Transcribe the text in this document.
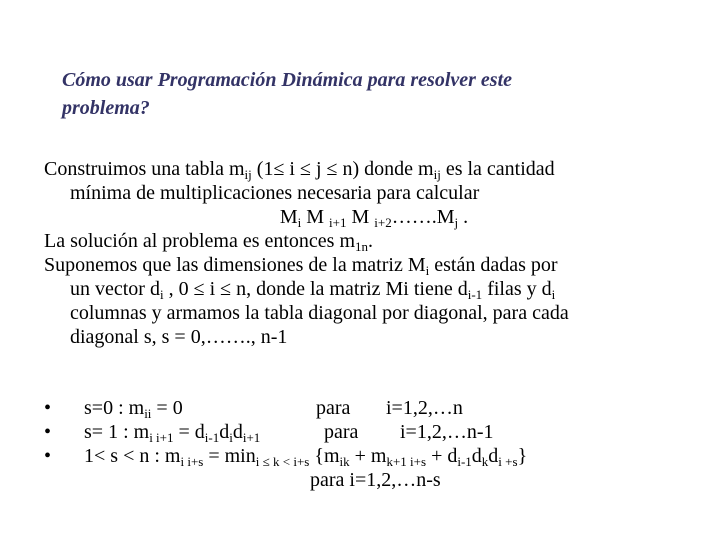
Cómo usar Programación Dinámica para resolver este
problema?
Construimos una tabla $m_{ij}$ (1≤ i ≤ j ≤ n) donde $m_{ij}$ es la cantidad
mínima de multiplicaciones necesaria para calcular
$M_i$ M $_{i+1}$ M $_{i+2}\dots\dots.M_j$ .
La solución al problema es entonces $m_{1n}$.
Suponemos que las dimensiones de la matriz $M_i$ están dadas por
un vector $d_i$ , 0 ≤ i ≤ n, donde la matriz Mi tiene $d_{i-1}$ filas y $d_i$
columnas y armamos la tabla diagonal por diagonal, para cada
diagonal s, s = 0,……., n-1
• s=0 : $m_{ii} = 0$	para i=1,2,…n
• s= 1 : $m_{i i+1} = d_{i-1}d_id_{i+1}$	para i=1,2,…n-1
• 1< s < n : $m_{i i+s} = \min_{i \le k < i+s} \{m_{ik} + m_{k+1 i+s} + d_{i-1}d_kd_{i +s}\}$
para i=1,2,…n-s
